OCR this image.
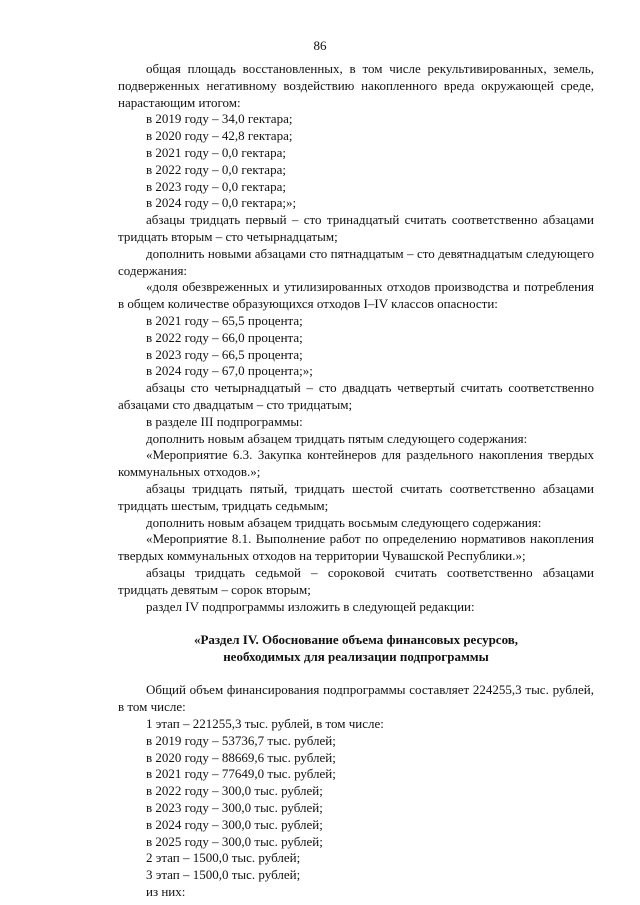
86

общая площадь восстановленных, в том числе рекультивированных, земель, подверженных негативному воздействию накопленного вреда окружающей среде, нарастающим итогом:

в 2019 году – 34,0 гектара;

в 2020 году – 42,8 гектара;

в 2021 году – 0,0 гектара;

в 2022 году – 0,0 гектара;

в 2023 году – 0,0 гектара;

в 2024 году – 0,0 гектара;»;

абзацы тридцать первый – сто тринадцатый считать соответственно абзацами тридцать вторым – сто четырнадцатым;

дополнить новыми абзацами сто пятнадцатым – сто девятнадцатым следующего содержания:

«доля обезвреженных и утилизированных отходов производства и потребления в общем количестве образующихся отходов I–IV классов опасности:

в 2021 году – 65,5 процента;

в 2022 году – 66,0 процента;

в 2023 году – 66,5 процента;

в 2024 году – 67,0 процента;»;

абзацы сто четырнадцатый – сто двадцать четвертый считать соответственно абзацами сто двадцатым – сто тридцатым;

в разделе III подпрограммы:

дополнить новым абзацем тридцать пятым следующего содержания:

«Мероприятие 6.3. Закупка контейнеров для раздельного накопления твердых коммунальных отходов.»;

абзацы тридцать пятый, тридцать шестой считать соответственно абзацами тридцать шестым, тридцать седьмым;

дополнить новым абзацем тридцать восьмым следующего содержания:

«Мероприятие 8.1. Выполнение работ по определению нормативов накопления твердых коммунальных отходов на территории Чувашской Республики.»;

абзацы тридцать седьмой – сороковой считать соответственно абзацами тридцать девятым – сорок вторым;

раздел IV подпрограммы изложить в следующей редакции:

«Раздел IV. Обоснование объема финансовых ресурсов,
необходимых для реализации подпрограммы

Общий объем финансирования подпрограммы составляет 224255,3 тыс. рублей, в том числе:

1 этап – 221255,3 тыс. рублей, в том числе:

в 2019 году – 53736,7 тыс. рублей;

в 2020 году – 88669,6 тыс. рублей;

в 2021 году – 77649,0 тыс. рублей;

в 2022 году – 300,0 тыс. рублей;

в 2023 году – 300,0 тыс. рублей;

в 2024 году – 300,0 тыс. рублей;

в 2025 году – 300,0 тыс. рублей;

2 этап – 1500,0 тыс. рублей;

3 этап – 1500,0 тыс. рублей;

из них:
